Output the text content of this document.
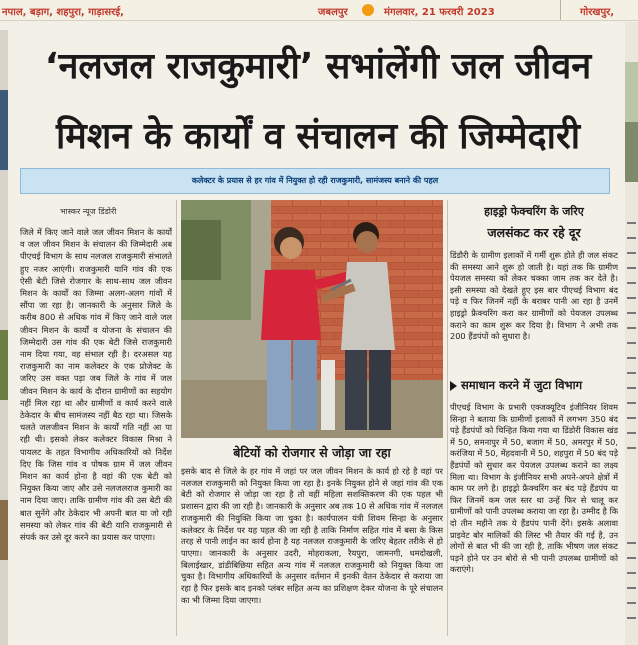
नपाल, बड़ाग, शहपुरा, गाड़ासरई,	जबलपुर	मंगलवार, 21 फरवरी 2023	गोरखपुर,
‘नलजल राजकुमारी’ सभांलेंगी जल जीवन
मिशन के कार्यों व संचालन की जिम्मेदारी
कलेक्टर के प्रयास से हर गांव में नियुक्त हो रही राजकुमारी, सामंजस्य बनाने की पहल
भास्कर न्यूज डिंडोरी
जिले में किए जाने वाले जल जीवन मिशन के कार्यों व जल जीवन मिशन के संचालन की जिम्मेदारी अब पीएचई विभाग के साथ नलजल राजकुमारी संभालते हुए नजर आएंगी। राजकुमारी यानि गांव की एक ऐसी बेटी जिसे रोजगार के साथ-साथ जल जीवन मिशन के कार्यों का जिम्मा अलग-अलग गांवों में सौंपा जा रहा है। जानकारी के अनुसार जिले के करीब 800 से अधिक गांव में किए जाने वाले जल जीवन मिशन के कार्यों व योजना के संचालन की जिम्मेदारी उस गांव की एक बेटी जिसे राजकुमारी नाम दिया गया, वह संभाल रही है। दरअसल यह राजकुमारी का नाम कलेक्टर के एक प्रोजेक्ट के जरिए उस वक्त पड़ा जब जिले के गांव में जल जीवन मिशन के कार्य के दौरान ग्रामीणों का सहयोग नहीं मिल रहा था और ग्रामीणों व कार्य करने वाले ठेकेदार के बीच सामंजस्य नहीं बैठ रहा था। जिसके चलते जलजीवन मिशन के कार्यों गति नहीं आ पा रही थी। इसको लेकर कलेक्टर विकास मिश्रा ने पायलट के तहत विभागीय अधिकारियों को निर्देश दिए कि जिस गांव व पोषक ग्राम में जल जीवन मिशन का कार्य होना है वहां की एक बेटी को नियुक्त किया जाए और उसे नलजलराज कुमारी का नाम दिया जाए। ताकि ग्रामीण गांव की उस बेटी की बात सुनेंगे और ठेकेदार भी अपनी बात या जो रही समस्या को लेकर गांव की बेटी यानि राजकुमारी से संपर्क कर उसे दूर करने का प्रयास कर पाएगा।
बेटियों को रोजगार से जोड़ा जा रहा
इसके बाद से जिले के हर गांव में जहां पर जल जीवन मिशन के कार्य हो रहे है वहां पर नलजल राजकुमारी को नियुक्त किया जा रहा है। इनके नियुक्त होने से जहां गांव की एक बेटी को रोजगार से जोड़ा जा रहा है तो वहीं महिला सशक्तिकरण की एक पहल भी प्रशासन द्वारा की जा रही है। जानकारी के अनुसार अब तक 10 से अधिक गांव में नलजल राजकुमारी की नियुक्ति किया जा चुका है। कार्यपालन यंत्री शिवम सिन्हा के अनुसार कलेक्टर के निर्देश पर यह पहल की जा रही है ताकि निर्माण सहित गांव में बसा के किस तरह से पानी लाईन का कार्य होना है यह नलजल राजकुमारी के जरिए बेहतर तरीके से हो पाएगा। जानकारी के अनुसार उदरी, मोहराकला, रैयपुरा, जामनगी, धमदोखली, बिलाईखार, डांडीबिछिया सहित अन्य गांव में नलजल राजकुमारी को नियुक्त किया जा चुका है। विभागीय अधिकारियों के अनुसार वर्तमान में इनकी वेतन ठेकेदार से कराया जा रहा है फिर इसके बाद इनको प्लंबर सहित अन्य का प्रशिक्षण देकर योजना के पूरे संचालन का भी जिम्मा दिया जाएगा।
हाइड्रो फेक्चरिंग के जरिए
जलसंकट कर रहे दूर
डिंडौरी के ग्रामीण इलाकों में गर्मी शुरू होते ही जल संकट की समस्या आने शुरू हो जाती है। यहां तक कि ग्रामीण पेयजल समस्या को लेकर चक्का जाम तक कर देते है। इसी समस्या को देखते हुए इस बार पीएचई विभाग बंद पड़े व फिर जिनमें नहीं के बराबर पानी आ रहा है उनमें हाइड्रो फ्रैक्चरिंग करा कर ग्रामीणों को पेयजल उपलब्ध कराने का काम शुरू कर दिया है। विभाग ने अभी तक 200 हैंडपंपों को सुधारा है।
समाधान करने में जुटा विभाग
पीएचई विभाग के प्रभारी एक्जक्यूटिव इंजीनियर शिवम सिन्हा ने बताया कि ग्रामीणों इलाकों में लगभग 350 बंद पड़े हैंडपंपों को चिन्हित किया गया था डिंडोरी विकास खंड में 50, समनापुर में 50, बजाग में 50, अमरपुर में 50, करंजिया में 50, मेंहदवानी में 50, शहपुरा में 50 बंद पड़े हैंडपंपों को सुधार कर पेयजल उपलब्ध कराने का लक्ष्य मिला था। विभाग के इंजीनियर सभी अपने-अपने क्षेत्रों में काम पर लगे है। हाइड्रो फ्रैक्चरिंग कर बंद पड़े हैंडपंप या फिर जिनमें कम जल स्तर था उन्हें फिर से चालू कर ग्रामीणों को पानी उपलब्ध कराया जा रहा है। उम्मीद है कि दो तीन महीने तक ये हैंडपंप पानी देंगे। इसके अलावा प्राइवेट बोर मालिकों की लिस्ट भी तैयार की गई है, उन लोगों से बात भी की जा रही है, ताकि भीषण जल संकट पड़ने होने पर उन बोरो से भी पानी उपलब्ध ग्रामीणों को कराएंगे।
